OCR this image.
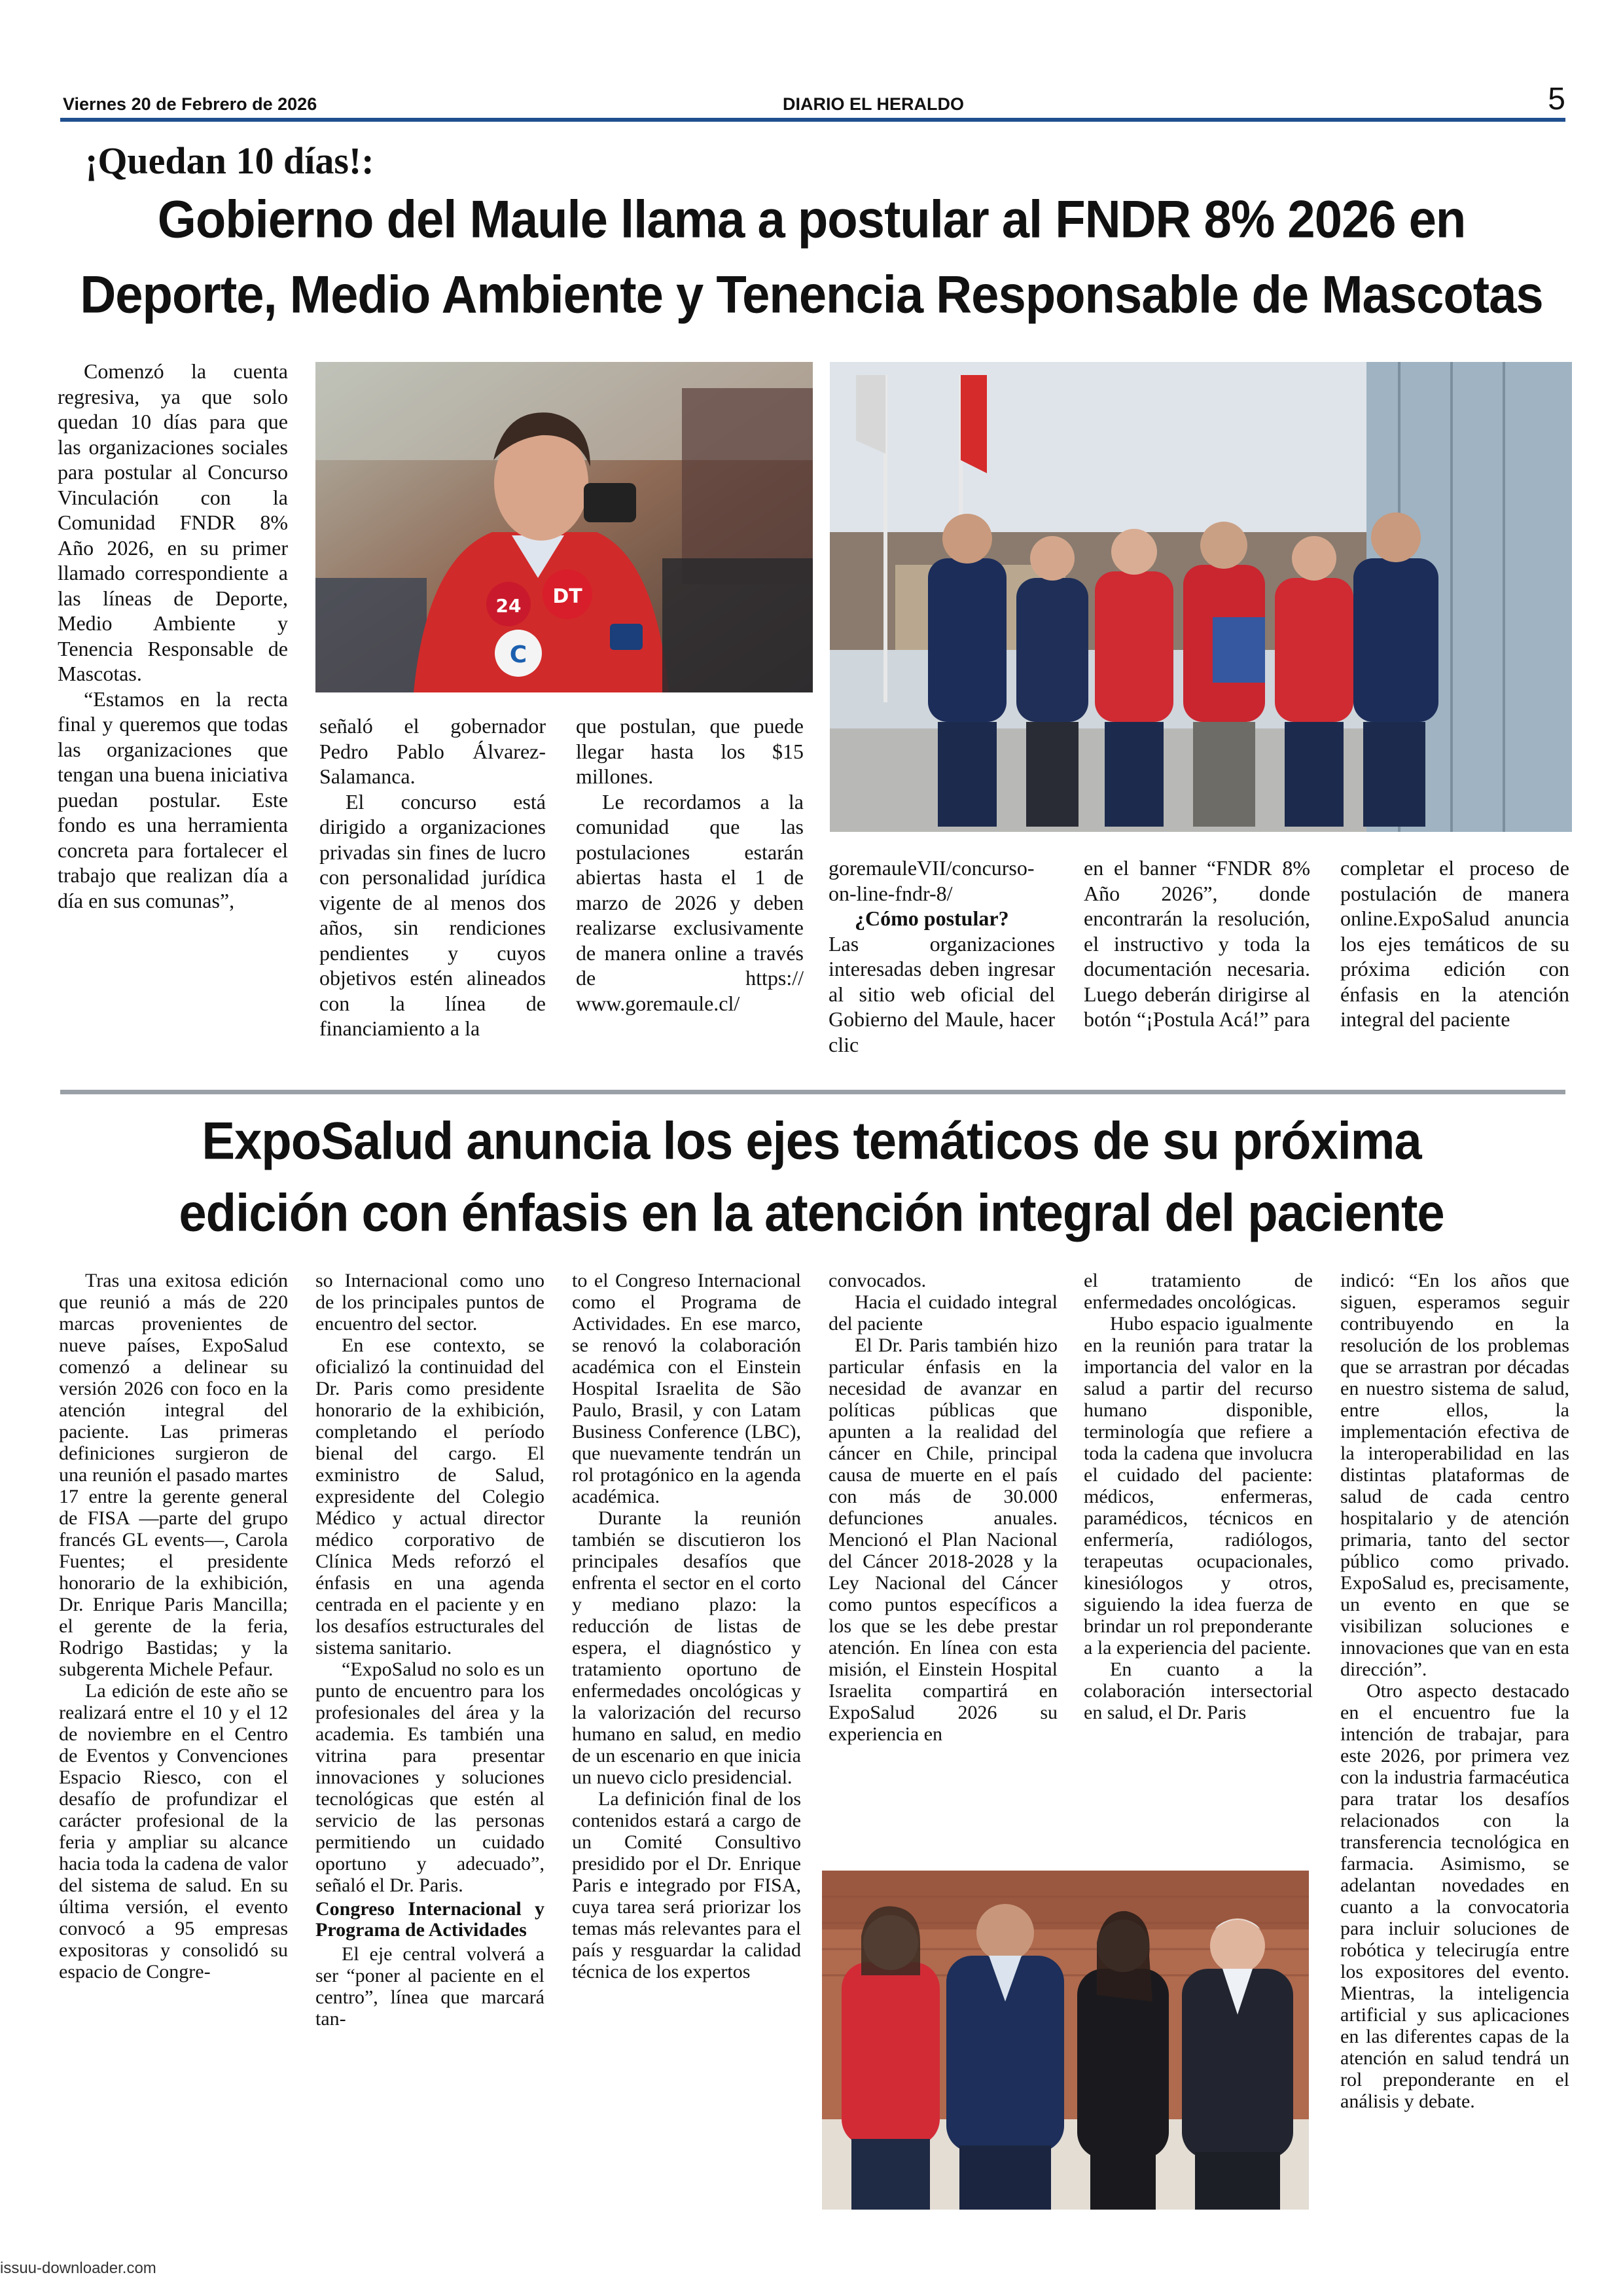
Viernes 20 de Febrero de 2026	DIARIO EL HERALDO	5
¡Quedan 10 días!:
Gobierno del Maule llama a postular al FNDR 8% 2026 en
Deporte, Medio Ambiente y Tenencia Responsable de Mascotas

Comenzó la cuenta regresiva, ya que solo quedan 10 días para que las organizaciones sociales para postular al Concurso Vinculación con la Comunidad FNDR 8% Año 2026, en su primer llamado correspondiente a las líneas de Deporte, Medio Ambiente y Tenencia Responsable de Mascotas.

“Estamos en la recta final y queremos que todas las organizaciones que tengan una buena iniciativa puedan postular. Este fondo es una herramienta concreta para fortalecer el trabajo que realizan día a día en sus comunas”,

24 DT
C

señaló el gobernador Pedro Pablo Álvarez-Salamanca.

El concurso está dirigido a organizaciones privadas sin fines de lucro con personalidad jurídica vigente de al menos dos años, sin rendiciones pendientes y cuyos objetivos estén alineados con la línea de financiamiento a la

que postulan, que puede llegar hasta los $15 millones.

Le recordamos a la comunidad que las postulaciones estarán abiertas hasta el 1 de marzo de 2026 y deben realizarse exclusivamente de manera online a través de https:// www.goremaule.cl/

goremauleVII/concurso-on-line-fndr-8/

¿Cómo postular?

Las organizaciones interesadas deben ingresar al sitio web oficial del Gobierno del Maule, hacer clic

en el banner “FNDR 8% Año 2026”, donde encontrarán la resolución, el instructivo y toda la documentación necesaria. Luego deberán dirigirse al botón “¡Postula Acá!” para

completar el proceso de postulación de manera online.ExpoSalud anuncia los ejes temáticos de su próxima edición con énfasis en la atención integral del paciente

ExpoSalud anuncia los ejes temáticos de su próxima
edición con énfasis en la atención integral del paciente

Tras una exitosa edición que reunió a más de 220 marcas provenientes de nueve países, ExpoSalud comenzó a delinear su versión 2026 con foco en la atención integral del paciente. Las primeras definiciones surgieron de una reunión el pasado martes 17 entre la gerente general de FISA —parte del grupo francés GL events—, Carola Fuentes; el presidente honorario de la exhibición, Dr. Enrique Paris Mancilla; el gerente de la feria, Rodrigo Bastidas; y la subgerenta Michele Pefaur.

La edición de este año se realizará entre el 10 y el 12 de noviembre en el Centro de Eventos y Convenciones Espacio Riesco, con el desafío de profundizar el carácter profesional de la feria y ampliar su alcance hacia toda la cadena de valor del sistema de salud. En su última versión, el evento convocó a 95 empresas expositoras y consolidó su espacio de Congre-

so Internacional como uno de los principales puntos de encuentro del sector.

En ese contexto, se oficializó la continuidad del Dr. Paris como presidente honorario de la exhibición, completando el período bienal del cargo. El exministro de Salud, expresidente del Colegio Médico y actual director médico corporativo de Clínica Meds reforzó el énfasis en una agenda centrada en el paciente y en los desafíos estructurales del sistema sanitario.

“ExpoSalud no solo es un punto de encuentro para los profesionales del área y la academia. Es también una vitrina para presentar innovaciones y soluciones tecnológicas que estén al servicio de las personas permitiendo un cuidado oportuno y adecuado”, señaló el Dr. Paris.

Congreso Internacional y Programa de Actividades

El eje central volverá a ser “poner al paciente en el centro”, línea que marcará tan-

to el Congreso Internacional como el Programa de Actividades. En ese marco, se renovó la colaboración académica con el Einstein Hospital Israelita de São Paulo, Brasil, y con Latam Business Conference (LBC), que nuevamente tendrán un rol protagónico en la agenda académica.

Durante la reunión también se discutieron los principales desafíos que enfrenta el sector en el corto y mediano plazo: la reducción de listas de espera, el diagnóstico y tratamiento oportuno de enfermedades oncológicas y la valorización del recurso humano en salud, en medio de un escenario en que inicia un nuevo ciclo presidencial.

La definición final de los contenidos estará a cargo de un Comité Consultivo presidido por el Dr. Enrique Paris e integrado por FISA, cuya tarea será priorizar los temas más relevantes para el país y resguardar la calidad técnica de los expertos

convocados.

Hacia el cuidado integral del paciente

El Dr. Paris también hizo particular énfasis en la necesidad de avanzar en políticas públicas que apunten a la realidad del cáncer en Chile, principal causa de muerte en el país con más de 30.000 defunciones anuales. Mencionó el Plan Nacional del Cáncer 2018-2028 y la Ley Nacional del Cáncer como puntos específicos a los que se les debe prestar atención. En línea con esta misión, el Einstein Hospital Israelita compartirá en ExpoSalud 2026 su experiencia en

el tratamiento de enfermedades oncológicas.

Hubo espacio igualmente en la reunión para tratar la importancia del valor en la salud a partir del recurso humano disponible, terminología que refiere a toda la cadena que involucra el cuidado del paciente: médicos, enfermeras, paramédicos, técnicos en enfermería, radiólogos, terapeutas ocupacionales, kinesiólogos y otros, siguiendo la idea fuerza de brindar un rol preponderante a la experiencia del paciente.

En cuanto a la colaboración intersectorial en salud, el Dr. Paris

indicó: “En los años que siguen, esperamos seguir contribuyendo en la resolución de los problemas que se arrastran por décadas en nuestro sistema de salud, entre ellos, la implementación efectiva de la interoperabilidad en las distintas plataformas de salud de cada centro hospitalario y de atención primaria, tanto del sector público como privado. ExpoSalud es, precisamente, un evento en que se visibilizan soluciones e innovaciones que van en esta dirección”.

Otro aspecto destacado en el encuentro fue la intención de trabajar, para este 2026, por primera vez con la industria farmacéutica para tratar los desafíos relacionados con la transferencia tecnológica en farmacia. Asimismo, se adelantan novedades en cuanto a la convocatoria para incluir soluciones de robótica y telecirugía entre los expositores del evento. Mientras, la inteligencia artificial y sus aplicaciones en las diferentes capas de la atención en salud tendrá un rol preponderante en el análisis y debate.

issuu-downloader.com
